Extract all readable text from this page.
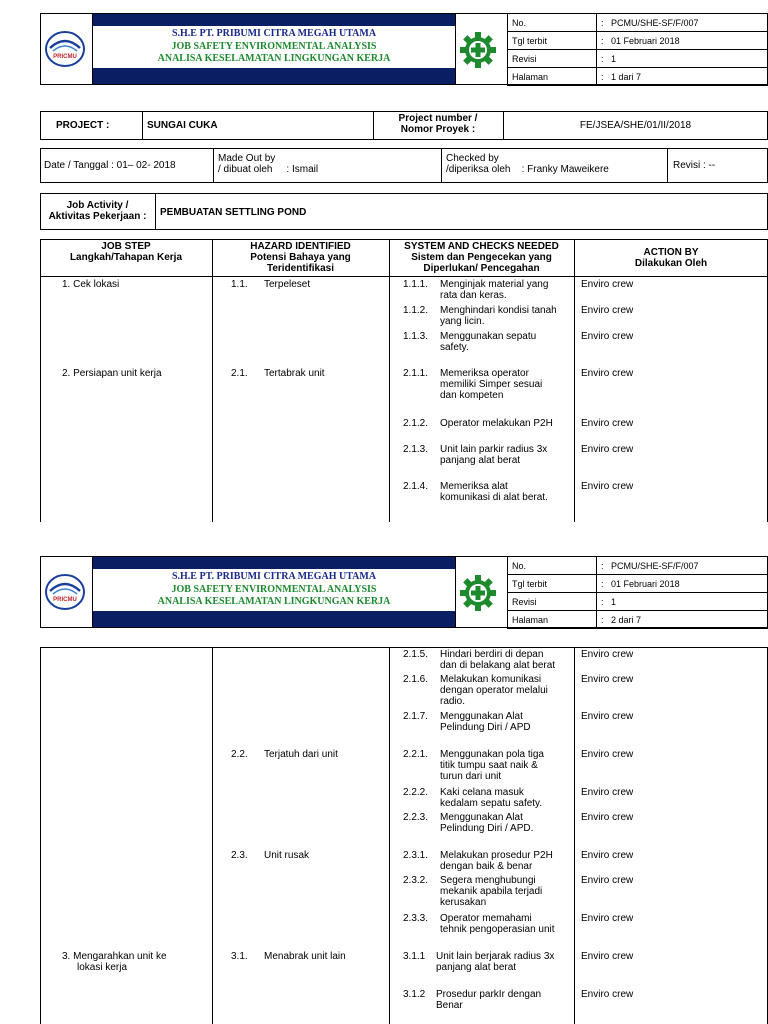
S.H.E PT. PRIBUMI CITRA MEGAH UTAMA
JOB SAFETY ENVIRONMENTAL ANALYSIS
ANALISA KESELAMATAN LINGKUNGAN KERJA
PRICMU
No.	: PCMU/SHE-SF/F/007
Tgl terbit	: 01 Februari 2018
Revisi	: 1
Halaman	: 1 dari 7
PROJECT :	SUNGAI CUKA
Project number /
Nomor Proyek :	FE/JSEA/SHE/01/II/2018
Date / Tanggal : 01– 02- 2018
Made Out by
/ dibuat oleh : Ismail
Checked by
/diperiksa oleh : Franky Maweikere	Revisi : --
Job Activity /
Aktivitas Pekerjaan :	PEMBUATAN SETTLING POND
JOB STEP
Langkah/Tahapan Kerja
HAZARD IDENTIFIED
Potensi Bahaya yang
Teridentifikasi
SYSTEM AND CHECKS NEEDED
Sistem dan Pengecekan yang
Diperlukan/ Pencegahan
ACTION BY
Dilakukan Oleh
1. Cek lokasi	1.1. Terpeleset	1.1.1. Menginjak material yang
rata dan keras.
Enviro crew
1.1.2. Menghindari kondisi tanah
yang licin.
Enviro crew
1.1.3. Menggunakan sepatu
safety.
Enviro crew
2. Persiapan unit kerja	2.1. Tertabrak unit	2.1.1. Memeriksa operator
memiliki Simper sesuai
dan kompeten
Enviro crew
2.1.2. Operator melakukan P2H	Enviro crew
2.1.3. Unit lain parkir radius 3x
panjang alat berat
Enviro crew
2.1.4. Memeriksa alat
komunikasi di alat berat.
Enviro crew
S.H.E PT. PRIBUMI CITRA MEGAH UTAMA
JOB SAFETY ENVIRONMENTAL ANALYSIS
ANALISA KESELAMATAN LINGKUNGAN KERJA
PRICMU
No.	: PCMU/SHE-SF/F/007
Tgl terbit	: 01 Februari 2018
Revisi	: 1
Halaman	: 2 dari 7
2.1.5. Hindari berdiri di depan
dan di belakang alat berat
Enviro crew
2.1.6. Melakukan komunikasi
dengan operator melalui
radio.
Enviro crew
2.1.7. Menggunakan Alat
Pelindung Diri / APD
Enviro crew
2.2. Terjatuh dari unit	2.2.1. Menggunakan pola tiga
titik tumpu saat naik &
turun dari unit
Enviro crew
2.2.2. Kaki celana masuk
kedalam sepatu safety.
Enviro crew
2.2.3. Menggunakan Alat
Pelindung Diri / APD.
Enviro crew
2.3. Unit rusak	2.3.1. Melakukan prosedur P2H
dengan baik & benar
Enviro crew
2.3.2. Segera menghubungi
mekanik apabila terjadi
kerusakan
Enviro crew
2.3.3. Operator memahami
tehnik pengoperasian unit
Enviro crew
3. Mengarahkan unit ke
lokasi kerja
3.1. Menabrak unit lain	3.1.1 Unit lain berjarak radius 3x
panjang alat berat
Enviro crew
3.1.2 Prosedur parkIr dengan
Benar
Enviro crew
